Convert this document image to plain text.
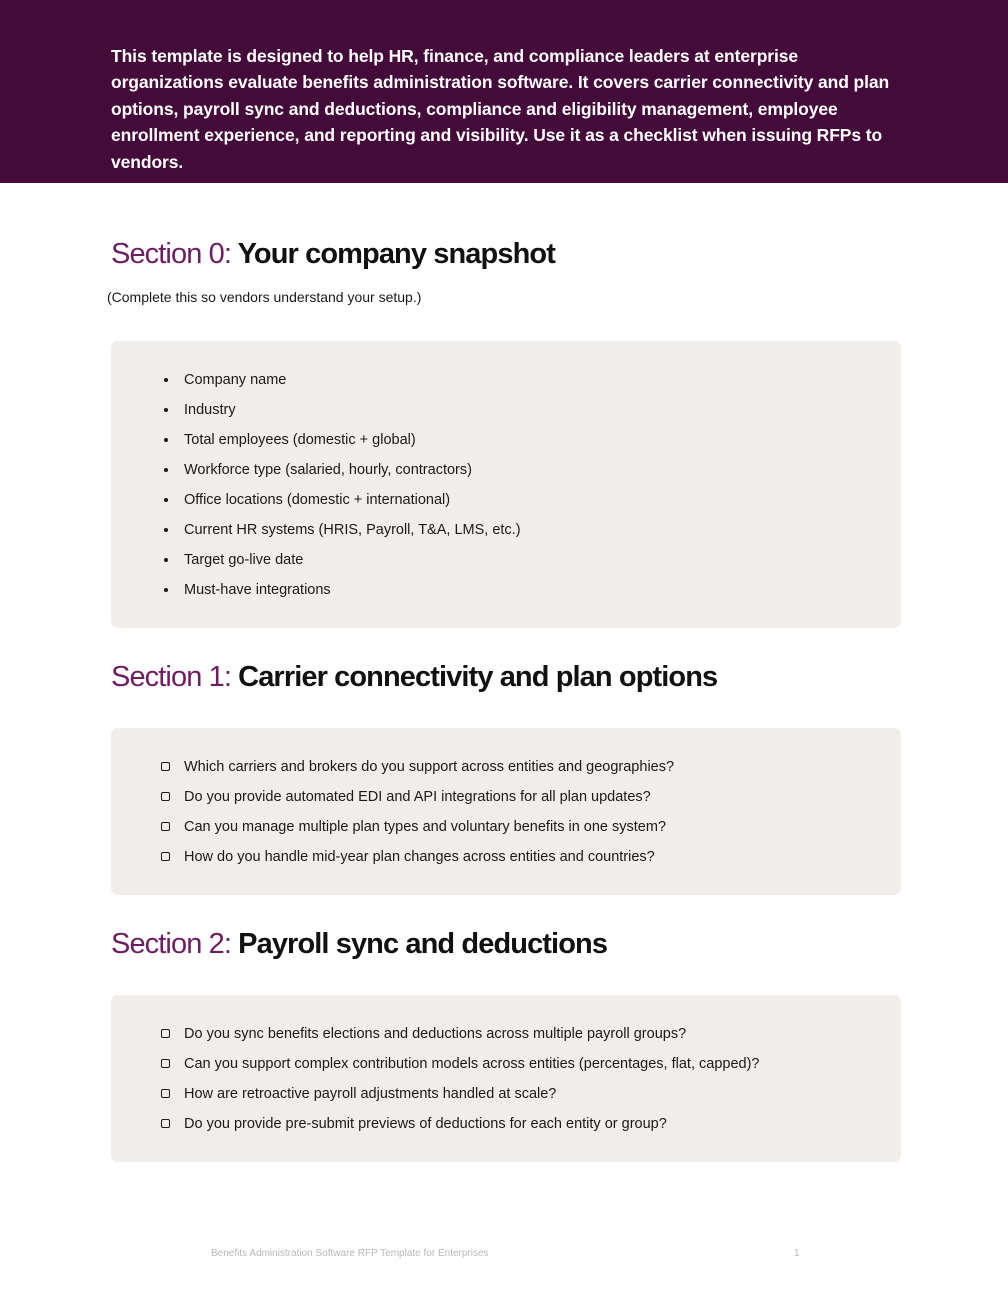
This template is designed to help HR, finance, and compliance leaders at enterprise organizations evaluate benefits administration software. It covers carrier connectivity and plan options, payroll sync and deductions, compliance and eligibility management, employee enrollment experience, and reporting and visibility. Use it as a checklist when issuing RFPs to vendors.

Section 0: Your company snapshot

(Complete this so vendors understand your setup.)

Company name
Industry
Total employees (domestic + global)
Workforce type (salaried, hourly, contractors)
Office locations (domestic + international)
Current HR systems (HRIS, Payroll, T&A, LMS, etc.)
Target go-live date
Must-have integrations
Section 1: Carrier connectivity and plan options
Which carriers and brokers do you support across entities and geographies?
Do you provide automated EDI and API integrations for all plan updates?
Can you manage multiple plan types and voluntary benefits in one system?
How do you handle mid-year plan changes across entities and countries?
Section 2: Payroll sync and deductions
Do you sync benefits elections and deductions across multiple payroll groups?
Can you support complex contribution models across entities (percentages, flat, capped)?
How are retroactive payroll adjustments handled at scale?
Do you provide pre-submit previews of deductions for each entity or group?
Benefits Administration Software RFP Template for Enterprises	1
